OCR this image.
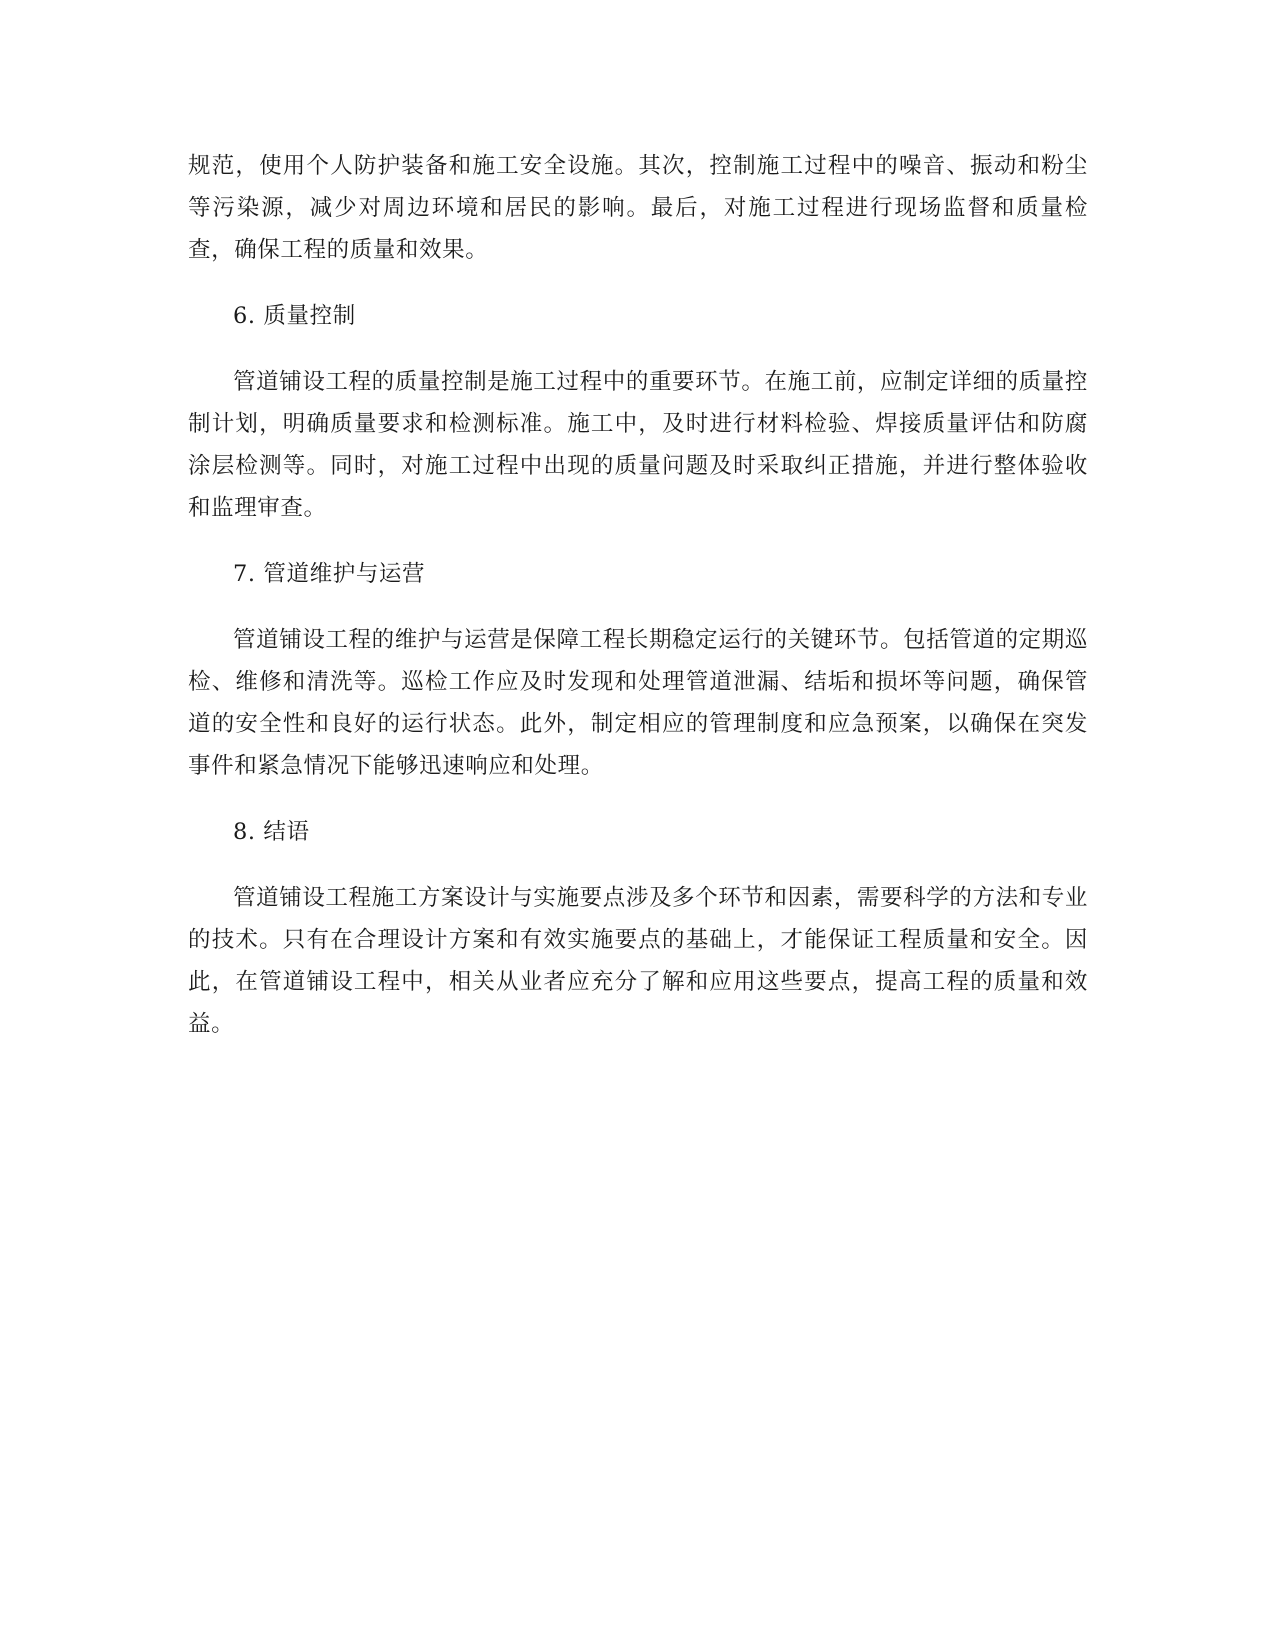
规范，使用个人防护装备和施工安全设施。其次，控制施工过程中的噪音、振动和粉尘等污染源，减少对周边环境和居民的影响。最后，对施工过程进行现场监督和质量检查，确保工程的质量和效果。

6. 质量控制

管道铺设工程的质量控制是施工过程中的重要环节。在施工前，应制定详细的质量控制计划，明确质量要求和检测标准。施工中，及时进行材料检验、焊接质量评估和防腐涂层检测等。同时，对施工过程中出现的质量问题及时采取纠正措施，并进行整体验收和监理审查。

7. 管道维护与运营

管道铺设工程的维护与运营是保障工程长期稳定运行的关键环节。包括管道的定期巡检、维修和清洗等。巡检工作应及时发现和处理管道泄漏、结垢和损坏等问题，确保管道的安全性和良好的运行状态。此外，制定相应的管理制度和应急预案，以确保在突发事件和紧急情况下能够迅速响应和处理。

8. 结语

管道铺设工程施工方案设计与实施要点涉及多个环节和因素，需要科学的方法和专业的技术。只有在合理设计方案和有效实施要点的基础上，才能保证工程质量和安全。因此，在管道铺设工程中，相关从业者应充分了解和应用这些要点，提高工程的质量和效益。
